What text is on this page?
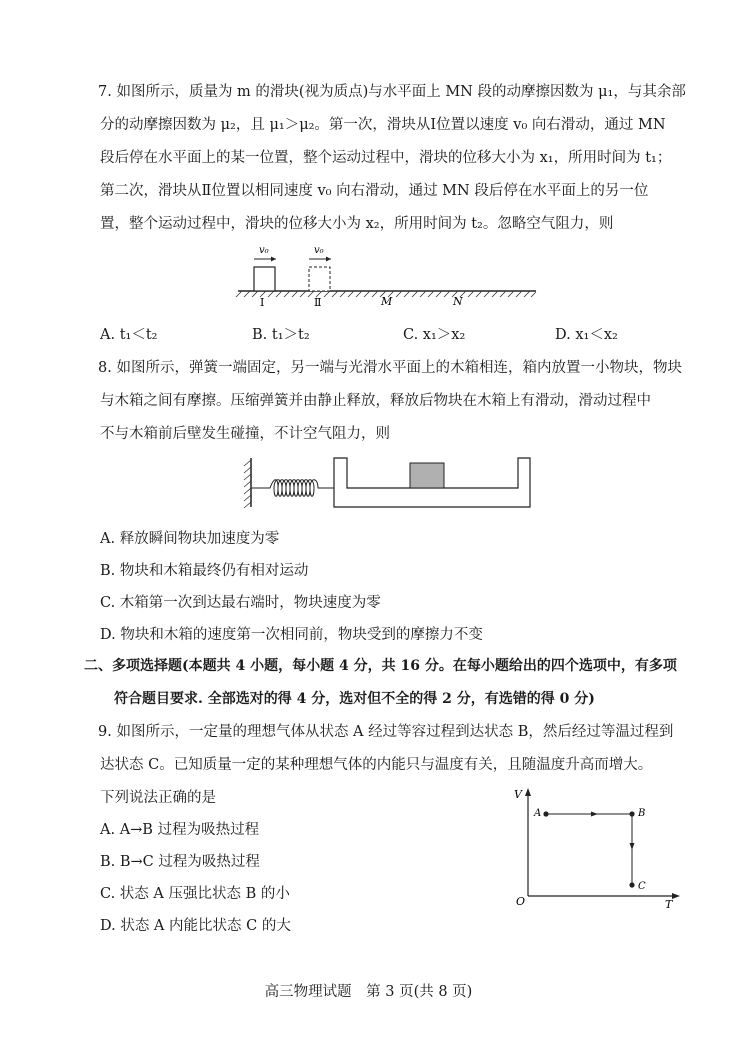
7. 如图所示，质量为 m 的滑块(视为质点)与水平面上 MN 段的动摩擦因数为 μ₁，与其余部
分的动摩擦因数为 μ₂，且 μ₁＞μ₂。第一次，滑块从Ⅰ位置以速度 v₀ 向右滑动，通过 MN
段后停在水平面上的某一位置，整个运动过程中，滑块的位移大小为 x₁，所用时间为 t₁；
第二次，滑块从Ⅱ位置以相同速度 v₀ 向右滑动，通过 MN 段后停在水平面上的另一位
置，整个运动过程中，滑块的位移大小为 x₂，所用时间为 t₂。忽略空气阻力，则
v₀	v₀
Ⅰ	Ⅱ	M	N
A. t₁＜t₂	B. t₁＞t₂	C. x₁＞x₂	D. x₁＜x₂
8. 如图所示，弹簧一端固定，另一端与光滑水平面上的木箱相连，箱内放置一小物块，物块
与木箱之间有摩擦。压缩弹簧并由静止释放，释放后物块在木箱上有滑动，滑动过程中
不与木箱前后壁发生碰撞，不计空气阻力，则
A. 释放瞬间物块加速度为零
B. 物块和木箱最终仍有相对运动
C. 木箱第一次到达最右端时，物块速度为零
D. 物块和木箱的速度第一次相同前，物块受到的摩擦力不变
二、多项选择题(本题共 4 小题，每小题 4 分，共 16 分。在每小题给出的四个选项中，有多项
符合题目要求. 全部选对的得 4 分，选对但不全的得 2 分，有选错的得 0 分)
9. 如图所示，一定量的理想气体从状态 A 经过等容过程到达状态 B，然后经过等温过程到
达状态 C。已知质量一定的某种理想气体的内能只与温度有关，且随温度升高而增大。
下列说法正确的是
A. A→B 过程为吸热过程
B. B→C 过程为吸热过程
C. 状态 A 压强比状态 B 的小
D. 状态 A 内能比状态 C 的大
V
T
O
A	B
C
高三物理试题　第 3 页(共 8 页)
